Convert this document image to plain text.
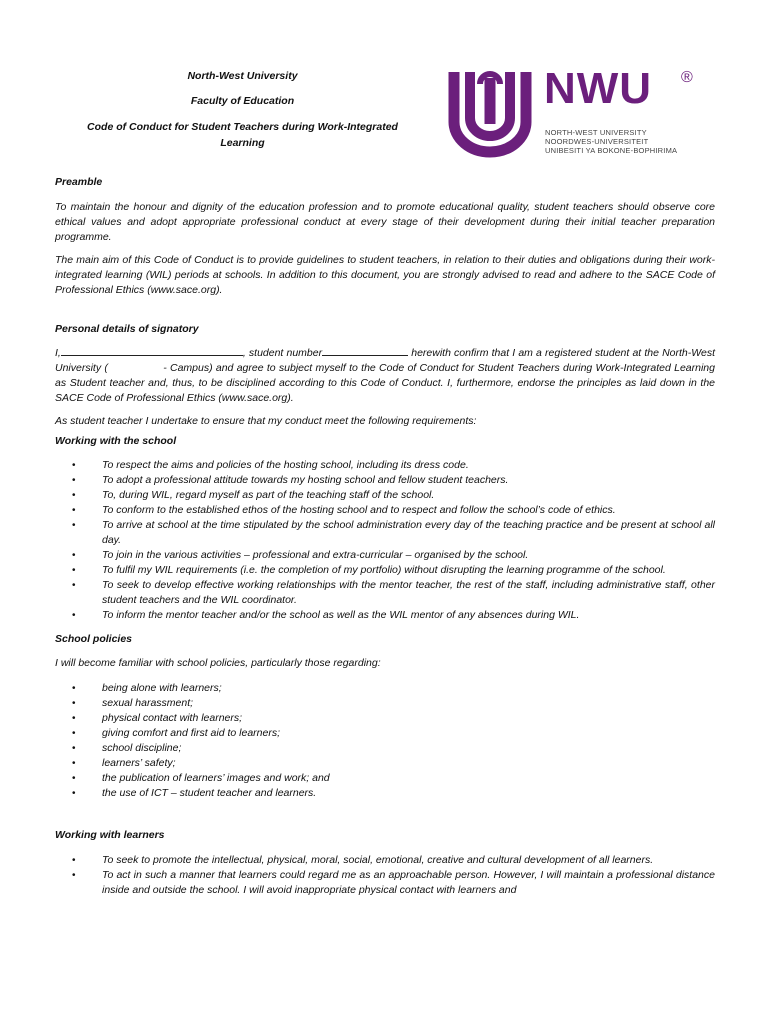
North-West University
Faculty of Education
Code of Conduct for Student Teachers during Work-Integrated Learning
NWU ®
NORTH-WEST UNIVERSITY
NOORDWES-UNIVERSITEIT
UNIBESITI YA BOKONE-BOPHIRIMA

Preamble

To maintain the honour and dignity of the education profession and to promote educational quality, student teachers should observe core ethical values and adopt appropriate professional conduct at every stage of their development during their initial teacher preparation programme.

The main aim of this Code of Conduct is to provide guidelines to student teachers, in relation to their duties and obligations during their work-integrated learning (WIL) periods at schools. In addition to this document, you are strongly advised to read and adhere to the SACE Code of Professional Ethics (www.sace.org).

Personal details of signatory

I,	, student number	herewith confirm that I am a registered student at the North-West University (	- Campus) and agree to subject myself to the Code of Conduct for Student Teachers during Work-Integrated Learning as Student teacher and, thus, to be disciplined according to this Code of Conduct. I, furthermore, endorse the principles as laid down in the SACE Code of Professional Ethics (www.sace.org).

As student teacher I undertake to ensure that my conduct meet the following requirements:

Working with the school

• To respect the aims and policies of the hosting school, including its dress code.
• To adopt a professional attitude towards my hosting school and fellow student teachers.
• To, during WIL, regard myself as part of the teaching staff of the school.
• To conform to the established ethos of the hosting school and to respect and follow the school’s code of ethics.
• To arrive at school at the time stipulated by the school administration every day of the teaching practice and be present at school all day.
• To join in the various activities – professional and extra-curricular – organised by the school.
• To fulfil my WIL requirements (i.e. the completion of my portfolio) without disrupting the learning programme of the school.
• To seek to develop effective working relationships with the mentor teacher, the rest of the staff, including administrative staff, other student teachers and the WIL coordinator.
• To inform the mentor teacher and/or the school as well as the WIL mentor of any absences during WIL.

School policies

I will become familiar with school policies, particularly those regarding:

• being alone with learners;
• sexual harassment;
• physical contact with learners;
• giving comfort and first aid to learners;
• school discipline;
• learners’ safety;
• the publication of learners’ images and work; and
• the use of ICT – student teacher and learners.

Working with learners

• To seek to promote the intellectual, physical, moral, social, emotional, creative and cultural development of all learners.
• To act in such a manner that learners could regard me as an approachable person. However, I will maintain a professional distance inside and outside the school. I will avoid inappropriate physical contact with learners and
